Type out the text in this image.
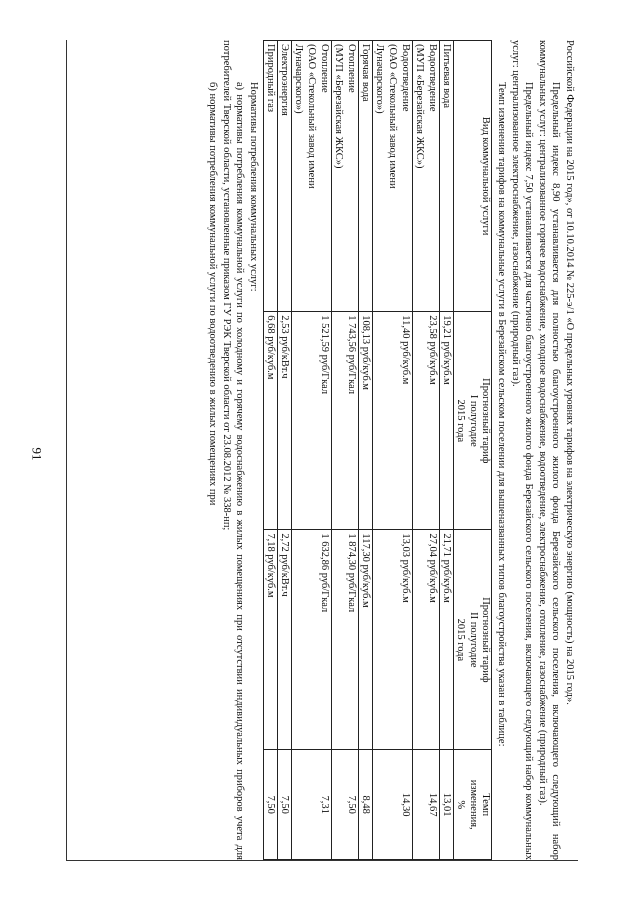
91	Российской Федерации на 2015 год», от 10.10.2014 № 225-э/1 «О предельных уровнях тарифов на электрическую энергию (мощность) на 2015 год».

Предельный индекс 8,90 устанавливается для полностью благоустроенного жилого фонда Березайского сельского поселения, включающего следующий набор коммунальных услуг: централизованное горячее водоснабжение, холодное водоснабжение, водоотведение, электроснабжение, отопление, газоснабжение (природный газ).

Предельный индекс 7,50 устанавливается для частично благоустроенного жилого фонда Березайского сельского поселения, включающего следующий набор коммунальных услуг: централизованное электроснабжение, газоснабжение (природный газ).

Темп изменения тарифов на коммунальные услуги в Березайском сельском поселении для вышеназванных типов благоустройства указан в таблице:

Вид коммунальной услуги	Прогнозный тариф
I полугодие
2015 года	Прогнозный тариф
II полугодие
2015 года	Темп
изменения,
%
Питьевая вода	19,21 руб/куб.м	21,71 руб/куб.м	13,01
Водоотведение
(МУП «Березайская ЖКС»)	23,58 руб/куб.м	27,04 руб/куб.м	14,67
Водоотведение
(ОАО «Стекольный завод имени
Луначарского»)	11,40 руб/куб.м	13,03 руб/куб.м	14,30
Горячая вода	108,13 руб/куб.м	117,30 руб/куб.м	8,48
Отопление
(МУП «Березайская ЖКС»)	1 743,56 руб/Гкал	1 874,30 руб/Гкал	7,50
Отопление
(ОАО «Стекольный завод имени
Луначарского»)	1 521,59 руб/Гкал	1 632,86 руб/Гкал	7,31
Электроэнергия	2,53 руб/кВт.ч	2,72 руб/кВт.ч	7,50
Природный газ	6,68 руб/куб.м	7,18 руб/куб.м	7,50

Нормативы потребления коммунальных услуг:

а) нормативы потребления коммунальной услуги по холодному и горячему водоснабжению в жилых помещениях при отсутствии индивидуальных приборов учета для потребителей Тверской области, установленные приказом ГУ РЭК Тверской области от 23.08.2012 № 338-нп;

б) нормативы потребления коммунальной услуги по водоотведению в жилых помещениях при
